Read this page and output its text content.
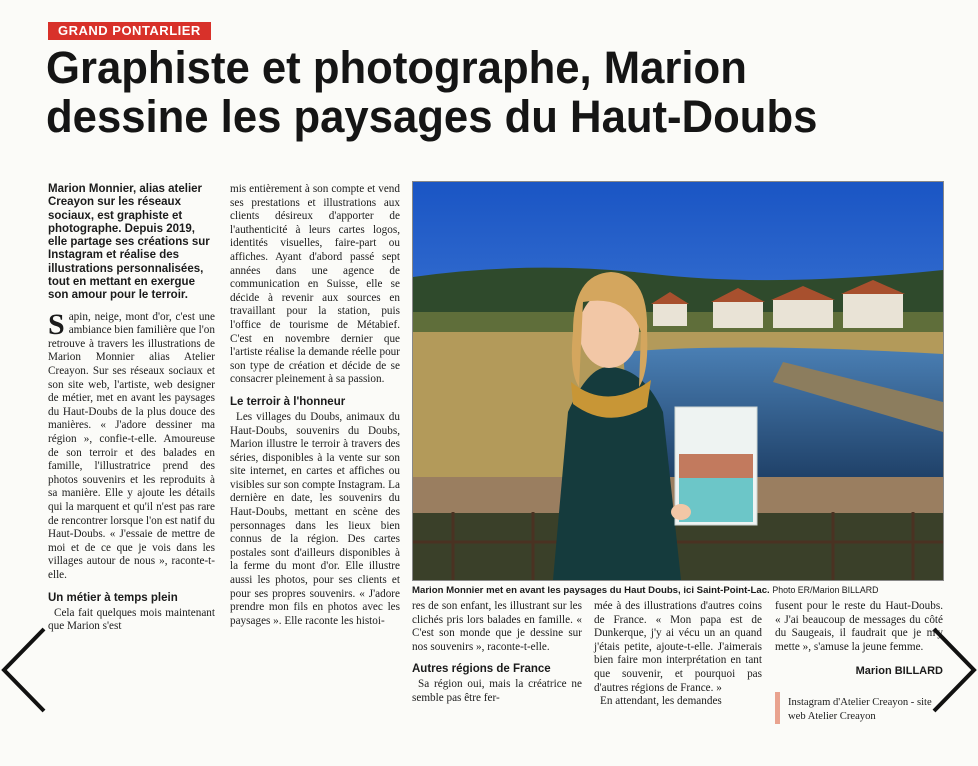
GRAND PONTARLIER
Graphiste et photographe, Marion dessine les paysages du Haut-Doubs

Marion Monnier, alias atelier Creayon sur les réseaux sociaux, est graphiste et photographe. Depuis 2019, elle partage ses créations sur Instagram et réalise des illustrations personnalisées, tout en mettant en exergue son amour pour le terroir.

Sapin, neige, mont d'or, c'est une ambiance bien familière que l'on retrouve à travers les illustrations de Marion Monnier alias Atelier Creayon. Sur ses réseaux sociaux et son site web, l'artiste, web designer de métier, met en avant les paysages du Haut-Doubs de la plus douce des manières. « J'adore dessiner ma région », confie-t-elle. Amoureuse de son terroir et des balades en famille, l'illustratrice prend des photos souvenirs et les reproduits à sa manière. Elle y ajoute les détails qui la marquent et qu'il n'est pas rare de rencontrer lorsque l'on est natif du Haut-Doubs. « J'essaie de mettre de moi et de ce que je vois dans les villages autour de nous », raconte-t-elle.

Un métier à temps plein

Cela fait quelques mois maintenant que Marion s'est

mis entièrement à son compte et vend ses prestations et illustrations aux clients désireux d'apporter de l'authenticité à leurs cartes logos, identités visuelles, faire-part ou affiches. Ayant d'abord passé sept années dans une agence de communication en Suisse, elle se décide à revenir aux sources en travaillant pour la station, puis l'office de tourisme de Métabief. C'est en novembre dernier que l'artiste réalise la demande réelle pour son type de création et décide de se consacrer pleinement à sa passion.

Le terroir à l'honneur

Les villages du Doubs, animaux du Haut-Doubs, souvenirs du Doubs, Marion illustre le terroir à travers des séries, disponibles à la vente sur son site internet, en cartes et affiches ou visibles sur son compte Instagram. La dernière en date, les souvenirs du Haut-Doubs, mettant en scène des personnages dans les lieux bien connus de la région. Des cartes postales sont d'ailleurs disponibles à la ferme du mont d'or. Elle illustre aussi les photos, pour ses clients et pour ses propres souvenirs. « J'adore prendre mon fils en photos avec les paysages ». Elle raconte les histoi-

Marion Monnier met en avant les paysages du Haut Doubs, ici Saint-Point-Lac. Photo ER/Marion BILLARD

res de son enfant, les illustrant sur les clichés pris lors balades en famille. « C'est son monde que je dessine sur nos souvenirs », raconte-t-elle.

Autres régions de France

Sa région oui, mais la créatrice ne semble pas être fer-

mée à des illustrations d'autres coins de France. « Mon papa est de Dunkerque, j'y ai vécu un an quand j'étais petite, ajoute-t-elle. J'aimerais bien faire mon interprétation en tant que souvenir, et pourquoi pas d'autres régions de France. »

En attendant, les demandes

fusent pour le reste du Haut-Doubs. « J'ai beaucoup de messages du côté du Saugeais, il faudrait que je m'y mette », s'amuse la jeune femme.

Marion BILLARD
Instagram d'Atelier Creayon - site web Atelier Creayon
